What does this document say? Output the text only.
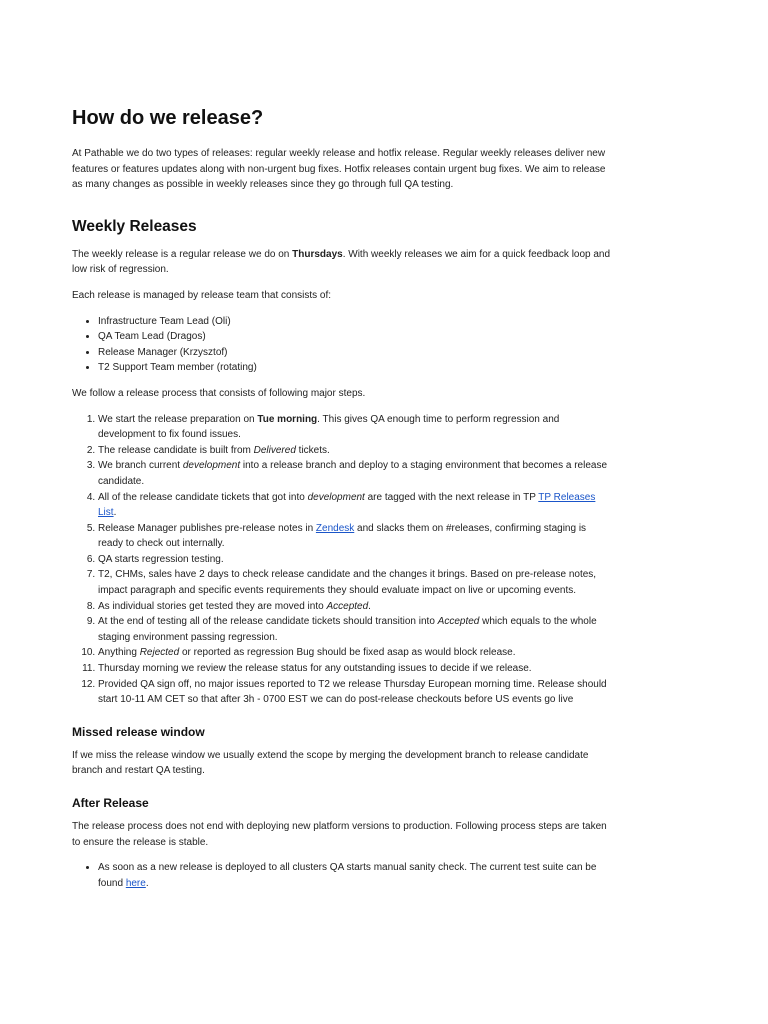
How do we release?

At Pathable we do two types of releases: regular weekly release and hotfix release. Regular weekly releases deliver new features or features updates along with non-urgent bug fixes. Hotfix releases contain urgent bug fixes. We aim to release as many changes as possible in weekly releases since they go through full QA testing.

Weekly Releases

The weekly release is a regular release we do on Thursdays. With weekly releases we aim for a quick feedback loop and low risk of regression.

Each release is managed by release team that consists of:

• Infrastructure Team Lead (Oli)
• QA Team Lead (Dragos)
• Release Manager (Krzysztof)
• T2 Support Team member (rotating)

We follow a release process that consists of following major steps.

1. We start the release preparation on Tue morning. This gives QA enough time to perform regression and development to fix found issues.
2. The release candidate is built from Delivered tickets.
3. We branch current development into a release branch and deploy to a staging environment that becomes a release candidate.
4. All of the release candidate tickets that got into development are tagged with the next release in TP TP Releases List.
5. Release Manager publishes pre-release notes in Zendesk and slacks them on #releases, confirming staging is ready to check out internally.
6. QA starts regression testing.
7. T2, CHMs, sales have 2 days to check release candidate and the changes it brings. Based on pre-release notes, impact paragraph and specific events requirements they should evaluate impact on live or upcoming events.
8. As individual stories get tested they are moved into Accepted.
9. At the end of testing all of the release candidate tickets should transition into Accepted which equals to the whole staging environment passing regression.
10. Anything Rejected or reported as regression Bug should be fixed asap as would block release.
11. Thursday morning we review the release status for any outstanding issues to decide if we release.
12. Provided QA sign off, no major issues reported to T2 we release Thursday European morning time. Release should start 10-11 AM CET so that after 3h - 0700 EST we can do post-release checkouts before US events go live
Missed release window

If we miss the release window we usually extend the scope by merging the development branch to release candidate branch and restart QA testing.

After Release

The release process does not end with deploying new platform versions to production. Following process steps are taken to ensure the release is stable.

• As soon as a new release is deployed to all clusters QA starts manual sanity check. The current test suite can be found here.
